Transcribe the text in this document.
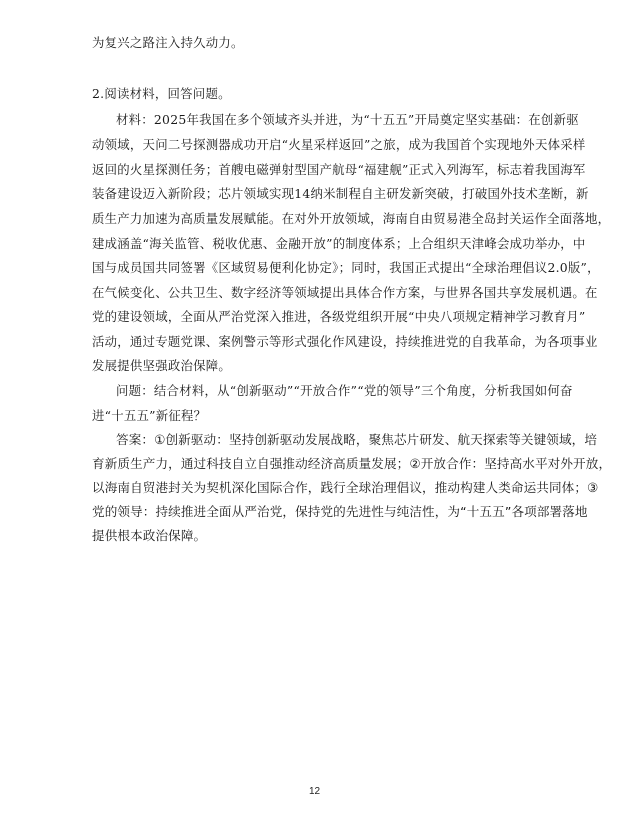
为复兴之路注入持久动力。
2.阅读材料，回答问题。
材料：2025年我国在多个领域齐头并进，为“十五五”开局奠定坚实基础：在创新驱
动领域，天问二号探测器成功开启“火星采样返回”之旅，成为我国首个实现地外天体采样
返回的火星探测任务；首艘电磁弹射型国产航母“福建舰”正式入列海军，标志着我国海军
装备建设迈入新阶段；芯片领域实现14纳米制程自主研发新突破，打破国外技术垄断，新
质生产力加速为高质量发展赋能。在对外开放领域，海南自由贸易港全岛封关运作全面落地，
建成涵盖“海关监管、税收优惠、金融开放”的制度体系；上合组织天津峰会成功举办，中
国与成员国共同签署《区域贸易便利化协定》；同时，我国正式提出“全球治理倡议2.0版”，
在气候变化、公共卫生、数字经济等领域提出具体合作方案，与世界各国共享发展机遇。在
党的建设领域，全面从严治党深入推进，各级党组织开展“中央八项规定精神学习教育月”
活动，通过专题党课、案例警示等形式强化作风建设，持续推进党的自我革命，为各项事业
发展提供坚强政治保障。
问题：结合材料，从“创新驱动”“开放合作”“党的领导”三个角度，分析我国如何奋
进“十五五”新征程？
答案：①创新驱动：坚持创新驱动发展战略，聚焦芯片研发、航天探索等关键领域，培
育新质生产力，通过科技自立自强推动经济高质量发展；②开放合作：坚持高水平对外开放，
以海南自贸港封关为契机深化国际合作，践行全球治理倡议，推动构建人类命运共同体；③
党的领导：持续推进全面从严治党，保持党的先进性与纯洁性，为“十五五”各项部署落地
提供根本政治保障。
12
